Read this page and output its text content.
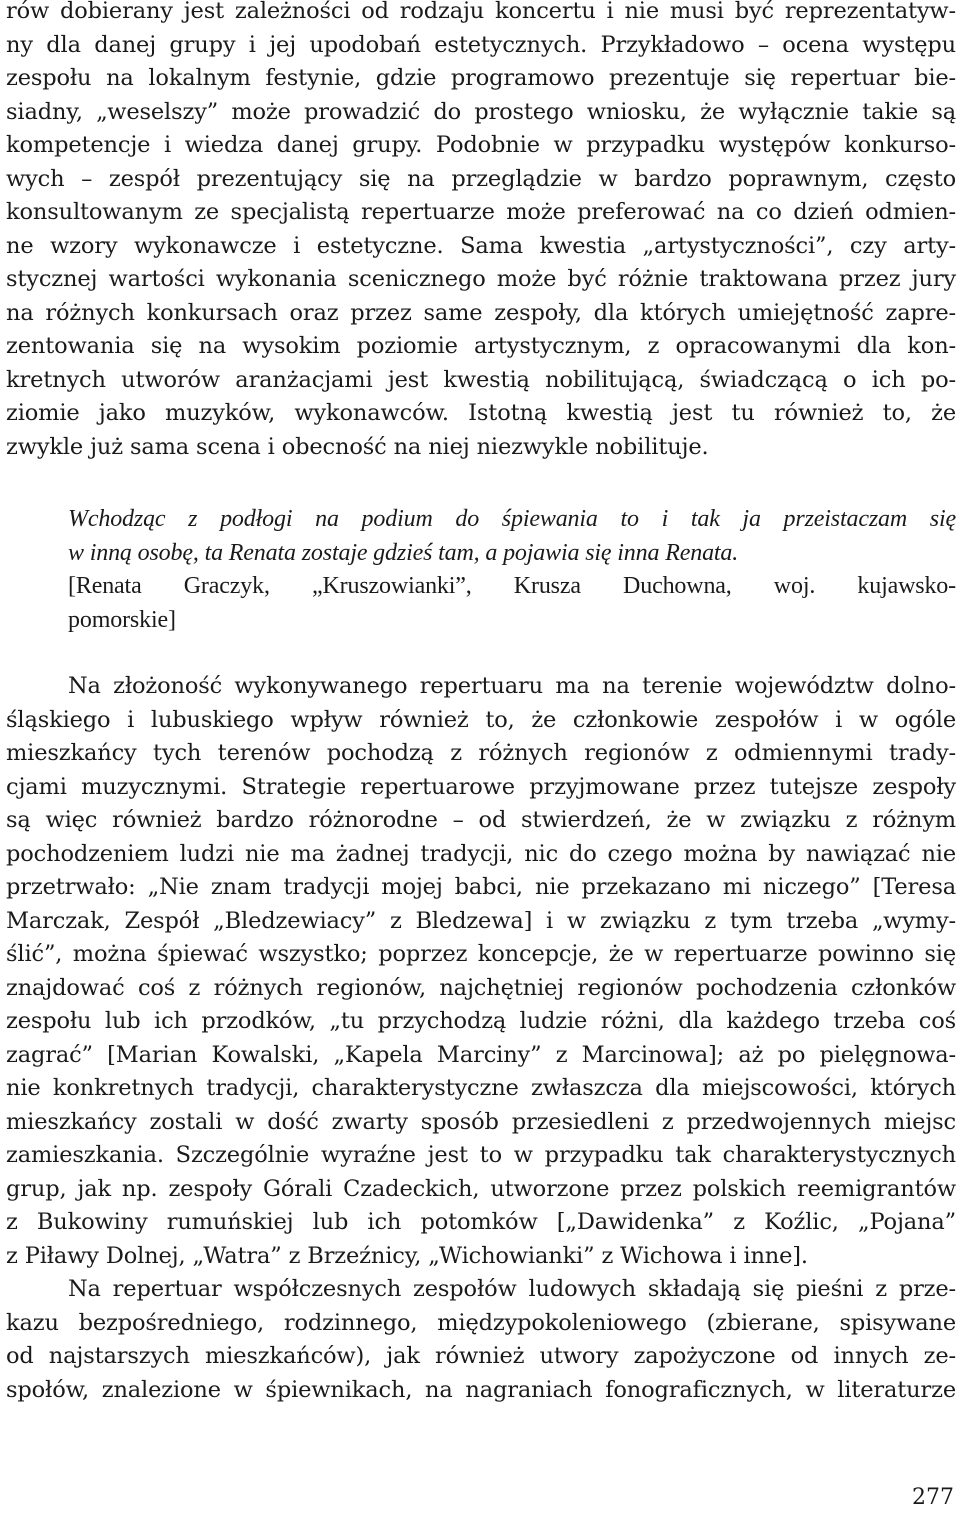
rów dobierany jest zależności od rodzaju koncertu i nie musi być reprezentatyw-
ny dla danej grupy i jej upodobań estetycznych. Przykładowo – ocena występu
zespołu na lokalnym festynie, gdzie programowo prezentuje się repertuar bie-
siadny, „weselszy” może prowadzić do prostego wniosku, że wyłącznie takie są
kompetencje i wiedza danej grupy. Podobnie w przypadku występów konkurso-
wych – zespół prezentujący się na przeglądzie w bardzo poprawnym, często
konsultowanym ze specjalistą repertuarze może preferować na co dzień odmien-
ne wzory wykonawcze i estetyczne. Sama kwestia „artystyczności”, czy arty-
stycznej wartości wykonania scenicznego może być różnie traktowana przez jury
na różnych konkursach oraz przez same zespoły, dla których umiejętność zapre-
zentowania się na wysokim poziomie artystycznym, z opracowanymi dla kon-
kretnych utworów aranżacjami jest kwestią nobilitującą, świadczącą o ich po-
ziomie jako muzyków, wykonawców. Istotną kwestią jest tu również to, że
zwykle już sama scena i obecność na niej niezwykle nobilituje.
Wchodząc z podłogi na podium do śpiewania to i tak ja przeistaczam się
w inną osobę, ta Renata zostaje gdzieś tam, a pojawia się inna Renata.
[Renata Graczyk, „Kruszowianki”, Krusza Duchowna, woj. kujawsko-
pomorskie]
Na złożoność wykonywanego repertuaru ma na terenie województw dolno-
śląskiego i lubuskiego wpływ również to, że członkowie zespołów i w ogóle
mieszkańcy tych terenów pochodzą z różnych regionów z odmiennymi trady-
cjami muzycznymi. Strategie repertuarowe przyjmowane przez tutejsze zespoły
są więc również bardzo różnorodne – od stwierdzeń, że w związku z różnym
pochodzeniem ludzi nie ma żadnej tradycji, nic do czego można by nawiązać nie
przetrwało: „Nie znam tradycji mojej babci, nie przekazano mi niczego” [Teresa
Marczak, Zespół „Bledzewiacy” z Bledzewa] i w związku z tym trzeba „wymy-
ślić”, można śpiewać wszystko; poprzez koncepcje, że w repertuarze powinno się
znajdować coś z różnych regionów, najchętniej regionów pochodzenia członków
zespołu lub ich przodków, „tu przychodzą ludzie różni, dla każdego trzeba coś
zagrać” [Marian Kowalski, „Kapela Marciny” z Marcinowa]; aż po pielęgnowa-
nie konkretnych tradycji, charakterystyczne zwłaszcza dla miejscowości, których
mieszkańcy zostali w dość zwarty sposób przesiedleni z przedwojennych miejsc
zamieszkania. Szczególnie wyraźne jest to w przypadku tak charakterystycznych
grup, jak np. zespoły Górali Czadeckich, utworzone przez polskich reemigrantów
z Bukowiny rumuńskiej lub ich potomków [„Dawidenka” z Koźlic, „Pojana”
z Piławy Dolnej, „Watra” z Brzeźnicy, „Wichowianki” z Wichowa i inne].
Na repertuar współczesnych zespołów ludowych składają się pieśni z prze-
kazu bezpośredniego, rodzinnego, międzypokoleniowego (zbierane, spisywane
od najstarszych mieszkańców), jak również utwory zapożyczone od innych ze-
społów, znalezione w śpiewnikach, na nagraniach fonograficznych, w literaturze
277
